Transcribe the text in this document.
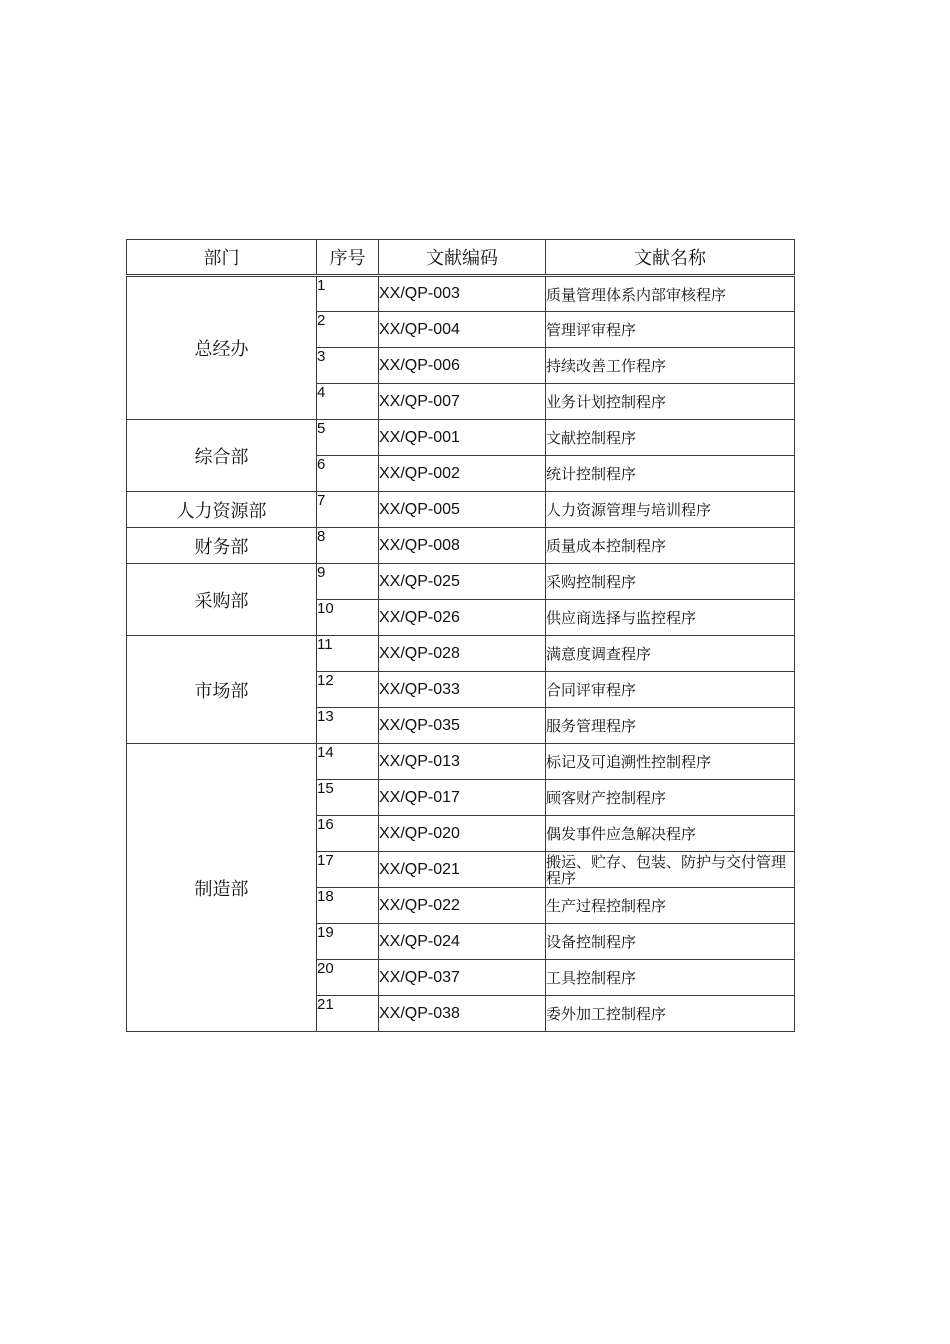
部门	序号	文献编码	文献名称
总经办	1	XX/QP-003	质量管理体系内部审核程序
	2	XX/QP-004	管理评审程序
	3	XX/QP-006	持续改善工作程序
	4	XX/QP-007	业务计划控制程序
综合部	5	XX/QP-001	文献控制程序
	6	XX/QP-002	统计控制程序
人力资源部	7	XX/QP-005	人力资源管理与培训程序
财务部	8	XX/QP-008	质量成本控制程序
采购部	9	XX/QP-025	采购控制程序
	10	XX/QP-026	供应商选择与监控程序
市场部	11	XX/QP-028	满意度调查程序
	12	XX/QP-033	合同评审程序
	13	XX/QP-035	服务管理程序
制造部	14	XX/QP-013	标记及可追溯性控制程序
	15	XX/QP-017	顾客财产控制程序
	16	XX/QP-020	偶发事件应急解决程序
	17	XX/QP-021	搬运、贮存、包装、防护与交付管理程序
	18	XX/QP-022	生产过程控制程序
	19	XX/QP-024	设备控制程序
	20	XX/QP-037	工具控制程序
	21	XX/QP-038	委外加工控制程序
